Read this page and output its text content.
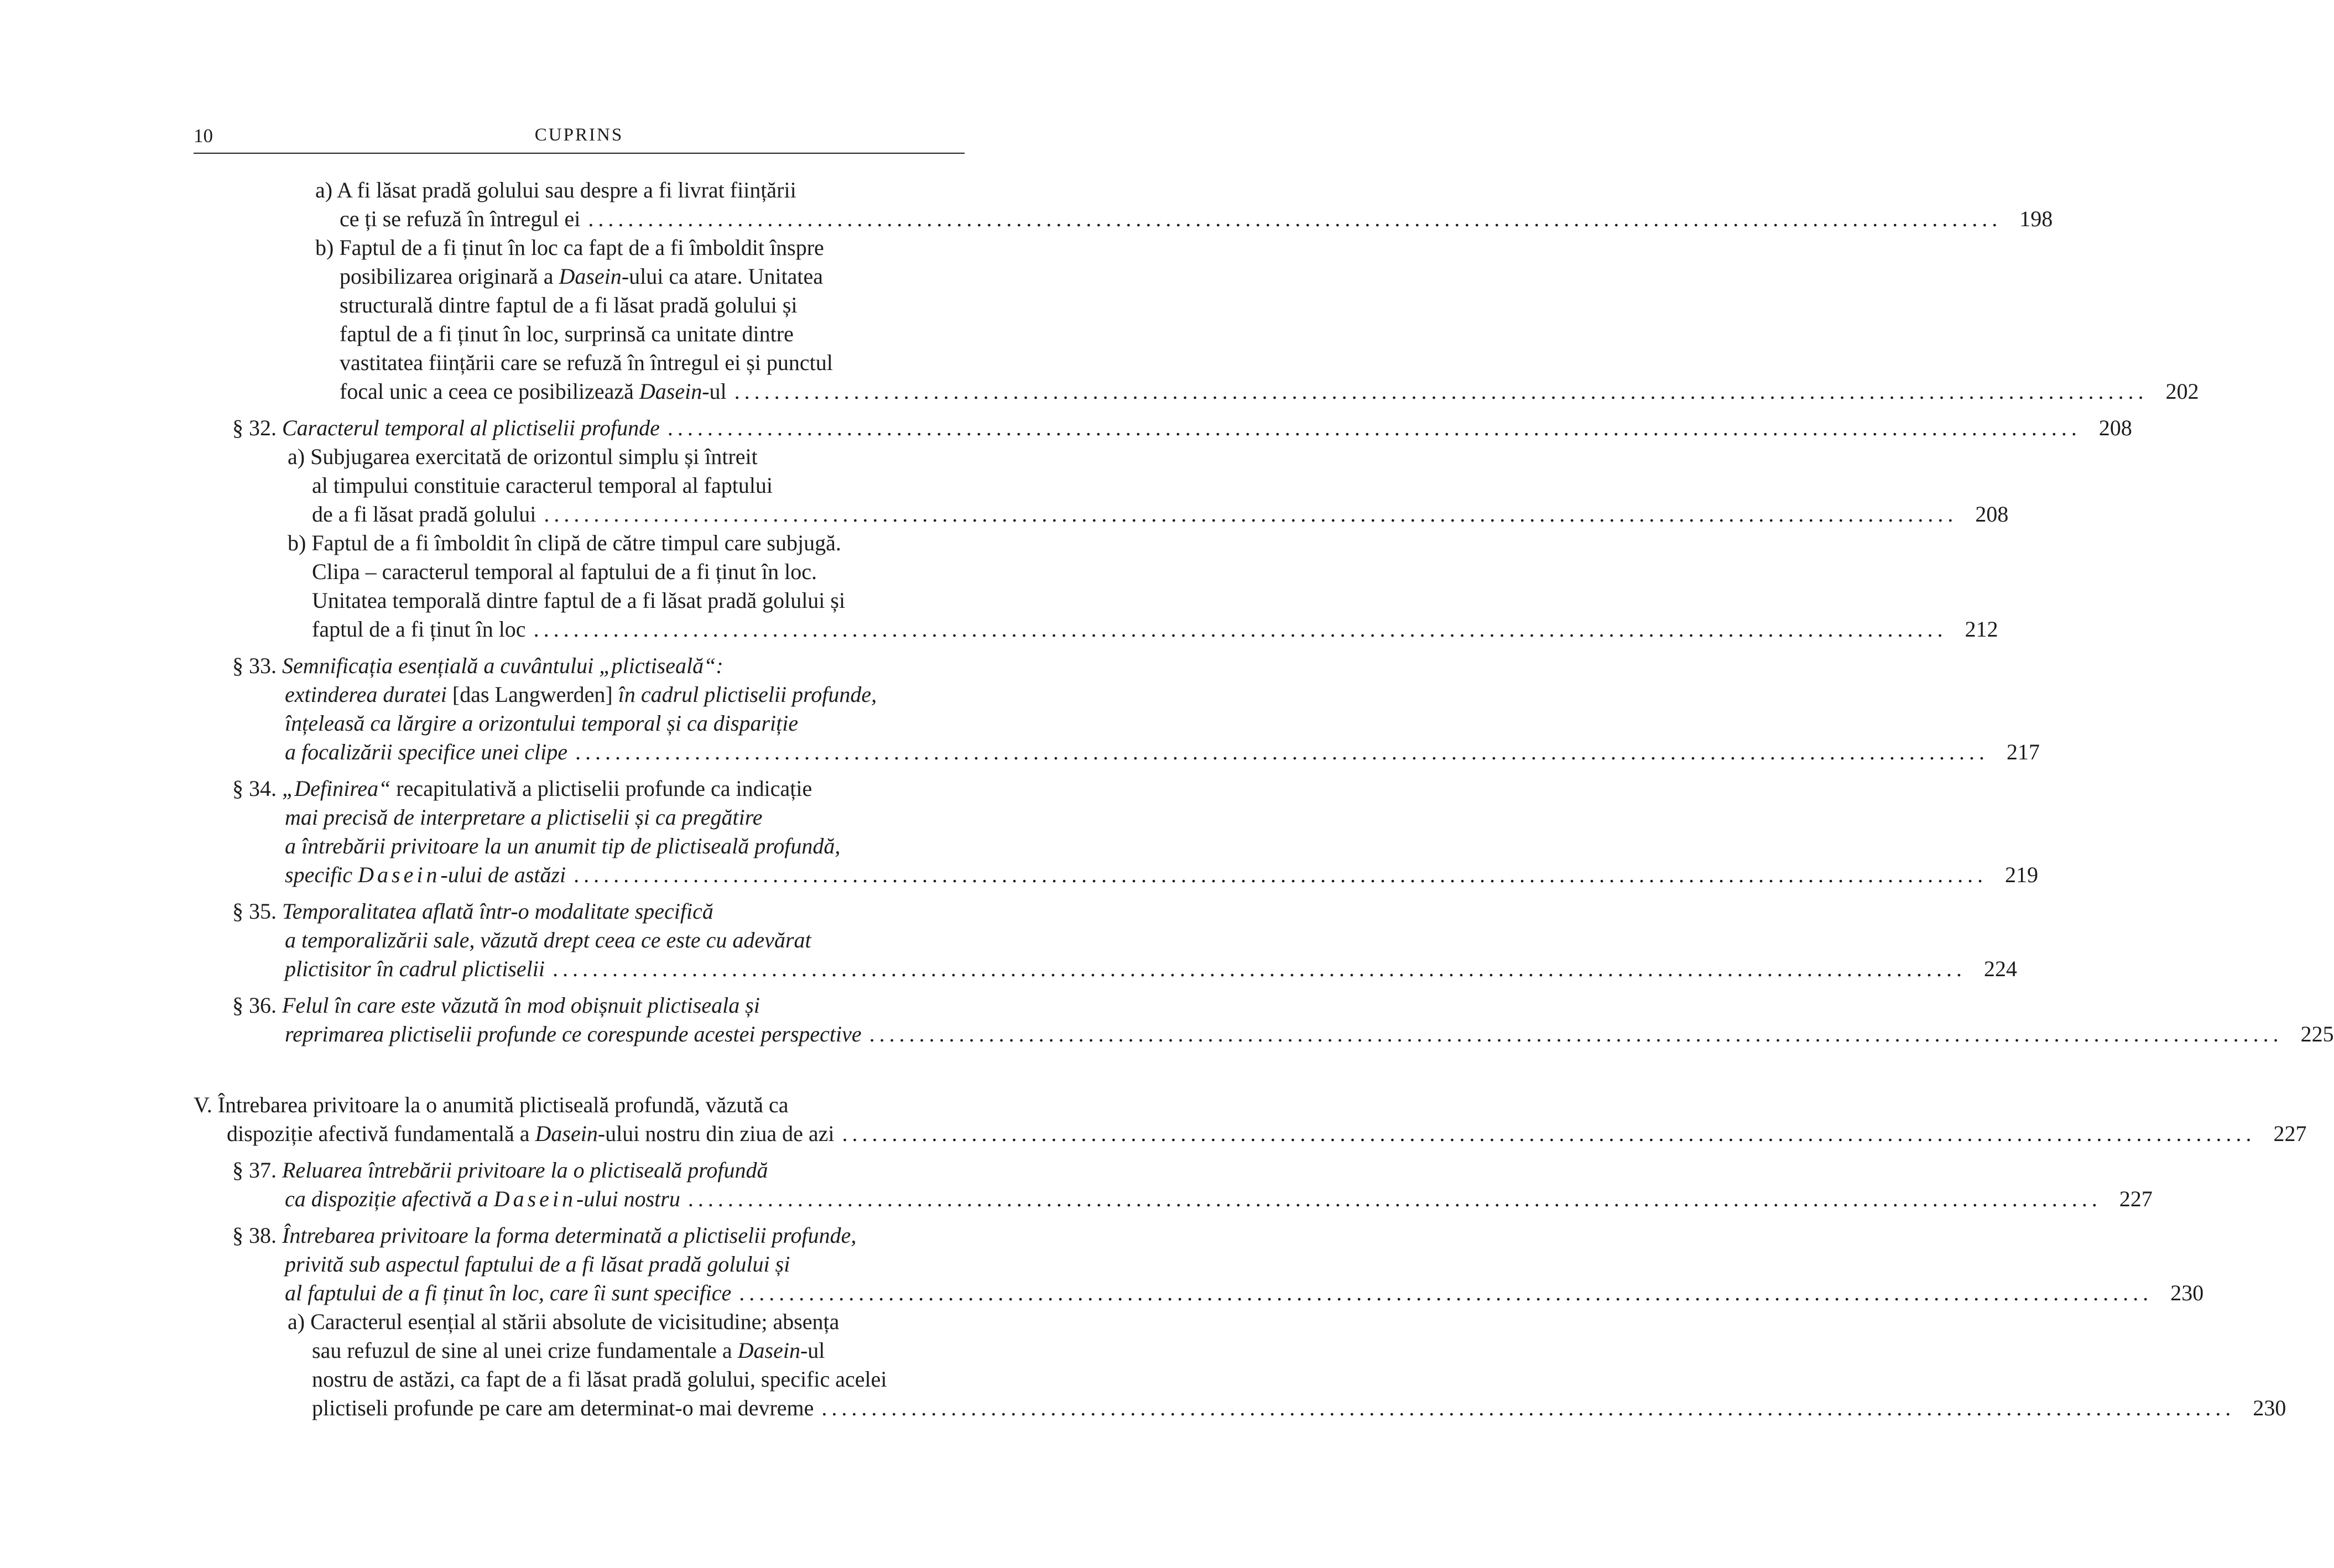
10	CUPRINS
a) A fi lăsat pradă golului sau despre a fi livrat ființării
ce ți se refuză în întregul ei .............................................................................................................................................. 198
b) Faptul de a fi ținut în loc ca fapt de a fi îmboldit înspre
posibilizarea originară a Dasein-ului ca atare. Unitatea
structurală dintre faptul de a fi lăsat pradă golului și
faptul de a fi ținut în loc, surprinsă ca unitate dintre
vastitatea ființării care se refuză în întregul ei și punctul
focal unic a ceea ce posibilizează Dasein-ul .............................................................................................................................................. 202
§ 32. Caracterul temporal al plictiselii profunde .............................................................................................................................................. 208
a) Subjugarea exercitată de orizontul simplu și întreit
al timpului constituie caracterul temporal al faptului
de a fi lăsat pradă golului .............................................................................................................................................. 208
b) Faptul de a fi îmboldit în clipă de către timpul care subjugă.
Clipa – caracterul temporal al faptului de a fi ținut în loc.
Unitatea temporală dintre faptul de a fi lăsat pradă golului și
faptul de a fi ținut în loc .............................................................................................................................................. 212
§ 33. Semnificația esențială a cuvântului „plictiseală“:
extinderea duratei [das Langwerden] în cadrul plictiselii profunde,
înțeleasă ca lărgire a orizontului temporal și ca dispariție
a focalizării specifice unei clipe .............................................................................................................................................. 217
§ 34. „Definirea“ recapitulativă a plictiselii profunde ca indicație
mai precisă de interpretare a plictiselii și ca pregătire
a întrebării privitoare la un anumit tip de plictiseală profundă,
specific Dasein-ului de astăzi .............................................................................................................................................. 219
§ 35. Temporalitatea aflată într-o modalitate specifică
a temporalizării sale, văzută drept ceea ce este cu adevărat
plictisitor în cadrul plictiselii .............................................................................................................................................. 224
§ 36. Felul în care este văzută în mod obișnuit plictiseala și
reprimarea plictiselii profunde ce corespunde acestei perspective .............................................................................................................................................. 225
V. Întrebarea privitoare la o anumită plictiseală profundă, văzută ca
dispoziție afectivă fundamentală a Dasein-ului nostru din ziua de azi .............................................................................................................................................. 227
§ 37. Reluarea întrebării privitoare la o plictiseală profundă
ca dispoziție afectivă a Dasein-ului nostru .............................................................................................................................................. 227
§ 38. Întrebarea privitoare la forma determinată a plictiselii profunde,
privită sub aspectul faptului de a fi lăsat pradă golului și
al faptului de a fi ținut în loc, care îi sunt specifice .............................................................................................................................................. 230
a) Caracterul esențial al stării absolute de vicisitudine; absența
sau refuzul de sine al unei crize fundamentale a Dasein-ul
nostru de astăzi, ca fapt de a fi lăsat pradă golului, specific acelei
plictiseli profunde pe care am determinat-o mai devreme .............................................................................................................................................. 230
